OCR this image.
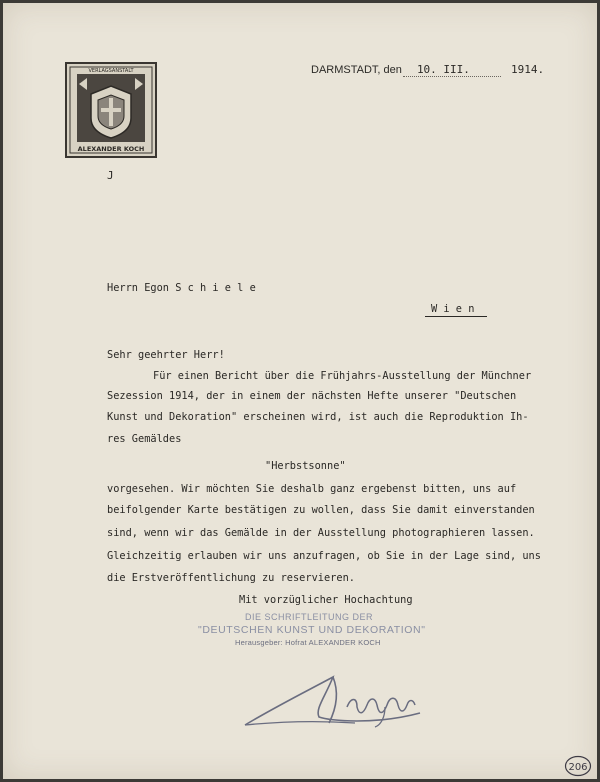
VERLAGSANSTALT
ALEXANDER KOCH
DARMSTADT, den 10. III.	1914.
J
Herrn Egon S c h i e l e
W i e n
Sehr geehrter Herr!
Für einen Bericht über die Frühjahrs-Ausstellung der Münchner
Sezession 1914, der in einem der nächsten Hefte unserer "Deutschen
Kunst und Dekoration" erscheinen wird, ist auch die Reproduktion Ih-
res Gemäldes
"Herbstsonne"
vorgesehen. Wir möchten Sie deshalb ganz ergebenst bitten, uns auf
beifolgender Karte bestätigen zu wollen, dass Sie damit einverstanden
sind, wenn wir das Gemälde in der Ausstellung photographieren lassen.
Gleichzeitig erlauben wir uns anzufragen, ob Sie in der Lage sind, uns
die Erstveröffentlichung zu reservieren.
Mit vorzüglicher Hochachtung
DIE SCHRIFTLEITUNG DER
"DEUTSCHEN KUNST UND DEKORATION"
Herausgeber: Hofrat ALEXANDER KOCH
206
